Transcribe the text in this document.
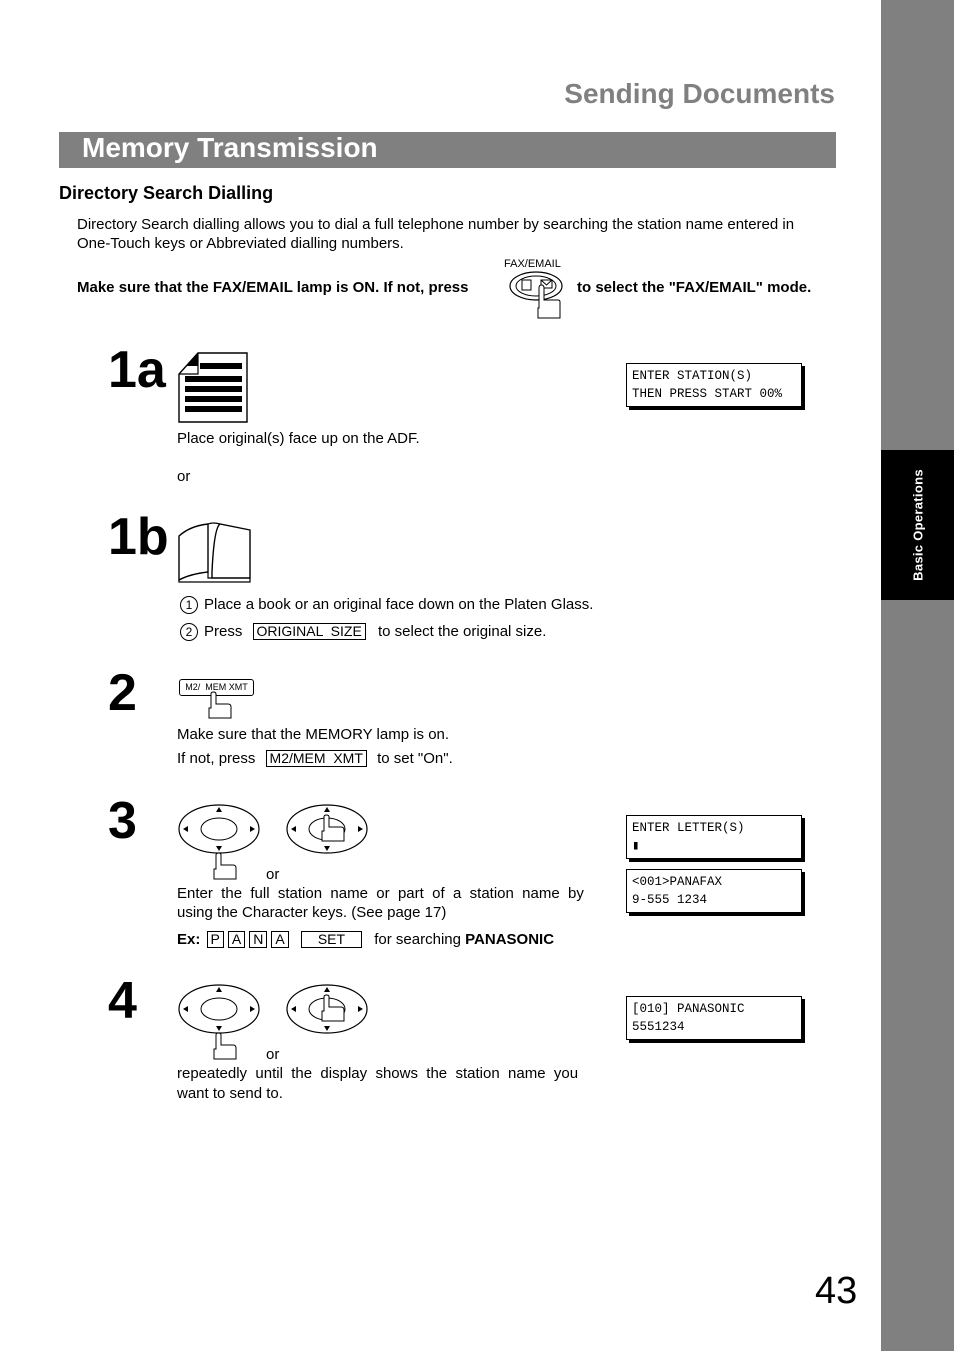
Basic Operations
Sending Documents
Memory Transmission
Directory Search Dialling
Directory Search dialling allows you to dial a full telephone number by searching the station name entered in
One-Touch keys or Abbreviated dialling numbers.
Make sure that the FAX/EMAIL lamp is ON. If not, press
FAX/EMAIL
to select the "FAX/EMAIL" mode.
1a
Place original(s) face up on the ADF.
or
ENTER STATION(S)
THEN PRESS START 00%
1b
1 Place a book or an original face down on the Platen Glass.
2 Press ORIGINAL  SIZE to select the original size.
2	M2/  MEM XMT
Make sure that the MEMORY lamp is on.
If not, press M2/MEM  XMT to set "On".
3
or
Enter  the  full  station  name  or  part  of  a  station  name  by
using the Character keys. (See page 17)
Ex: P A N A SET for searching PANASONIC
ENTER LETTER(S)
▮
<001>PANAFAX
9-555 1234
4
or
repeatedly  until  the  display  shows  the  station  name  you
want to send to.
[010] PANASONIC
5551234
43
